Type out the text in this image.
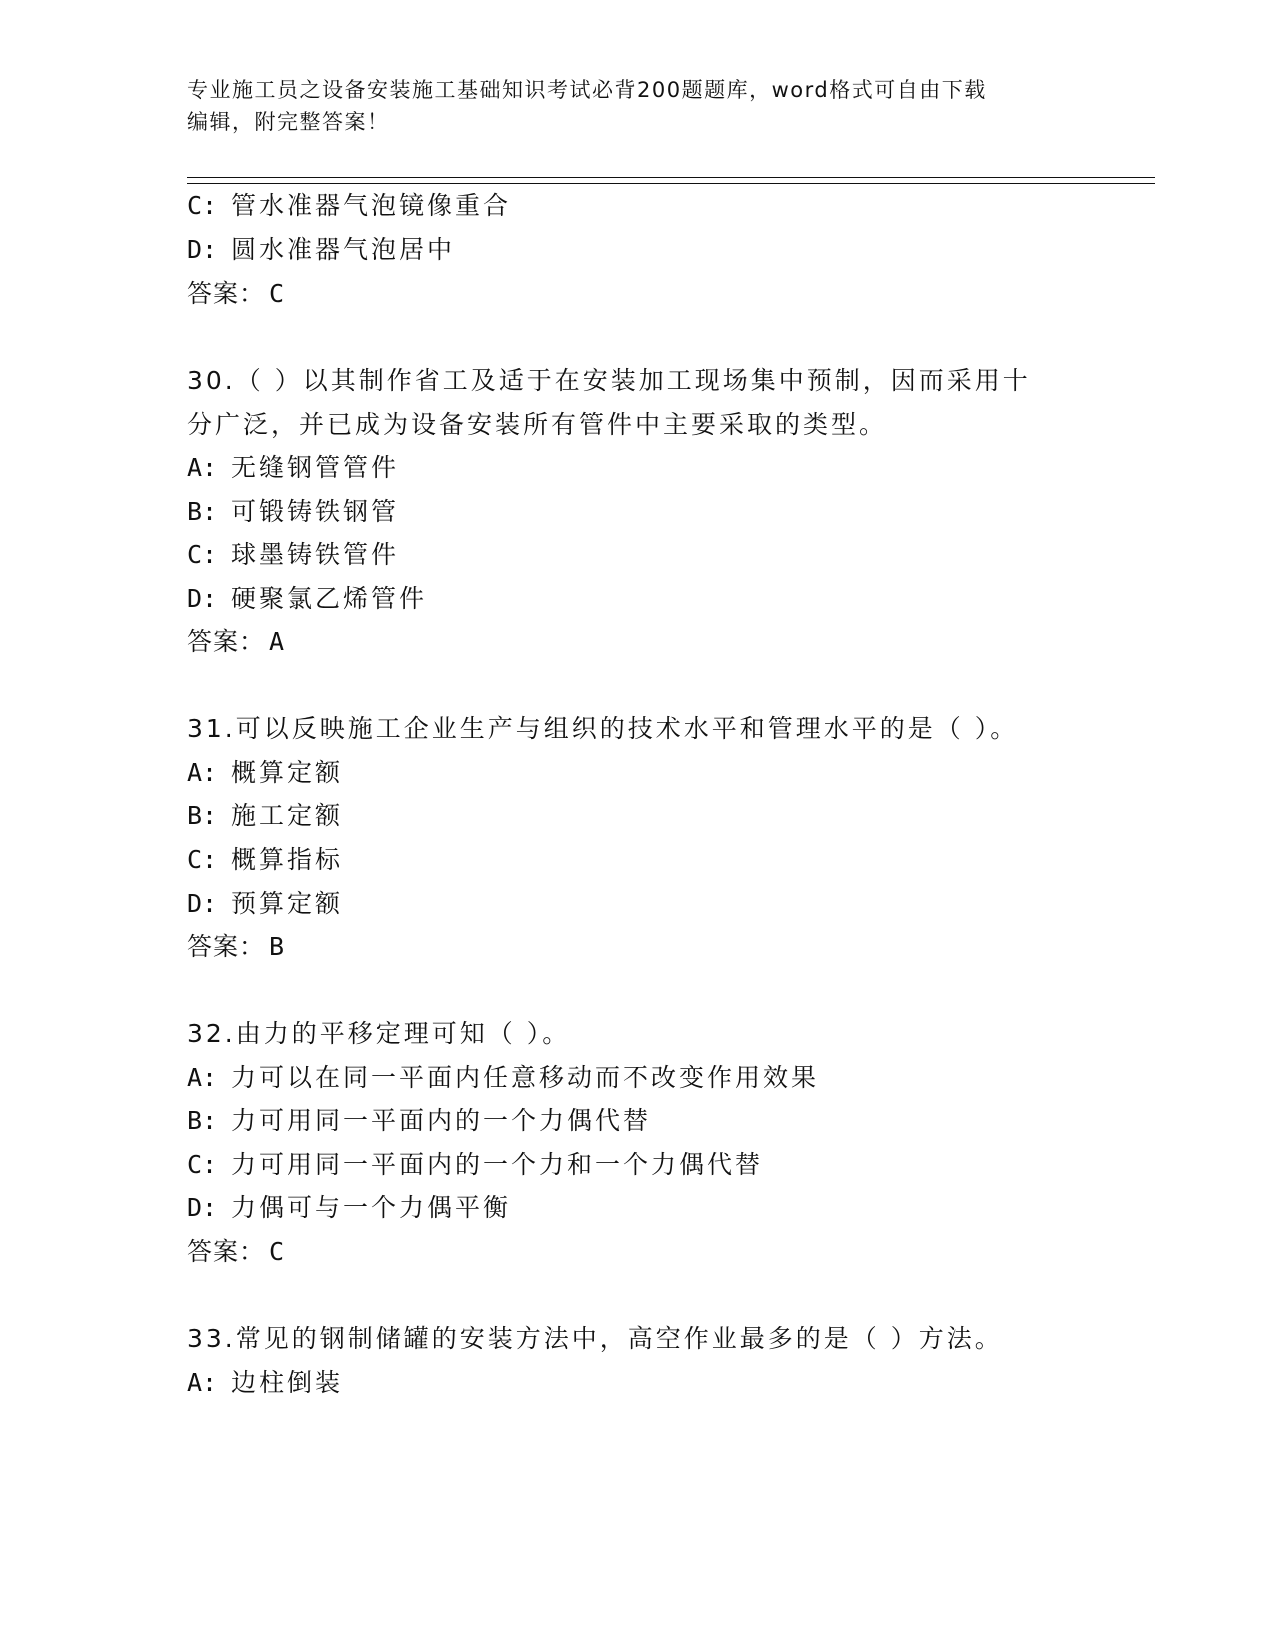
专业施工员之设备安装施工基础知识考试必背200题题库，word格式可自由下载
编辑，附完整答案！
C: 管水准器气泡镜像重合
D: 圆水准器气泡居中
答案： C
30.（ ）以其制作省工及适于在安装加工现场集中预制，因而采用十
分广泛，并已成为设备安装所有管件中主要采取的类型。
A: 无缝钢管管件
B: 可锻铸铁钢管
C: 球墨铸铁管件
D: 硬聚氯乙烯管件
答案： A
31.可以反映施工企业生产与组织的技术水平和管理水平的是（ ）。
A: 概算定额
B: 施工定额
C: 概算指标
D: 预算定额
答案： B
32.由力的平移定理可知（ ）。
A: 力可以在同一平面内任意移动而不改变作用效果
B: 力可用同一平面内的一个力偶代替
C: 力可用同一平面内的一个力和一个力偶代替
D: 力偶可与一个力偶平衡
答案： C
33.常见的钢制储罐的安装方法中，高空作业最多的是（ ）方法。
A: 边柱倒装
